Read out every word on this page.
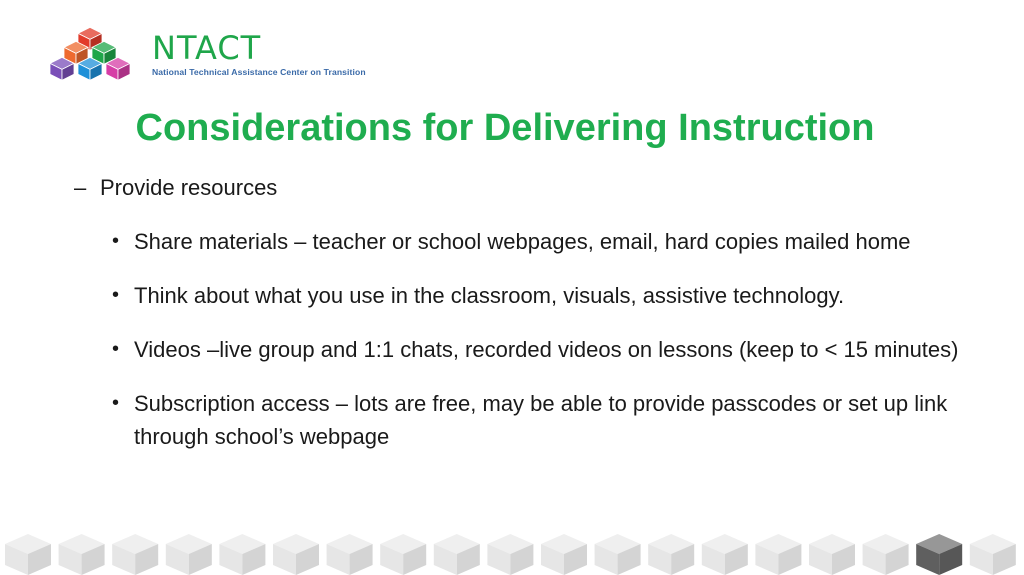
NTACT
National Technical Assistance Center on Transition
Considerations for Delivering Instruction

– Provide resources

• Share materials – teacher or school webpages, email, hard copies mailed home
• Think about what you use in the classroom, visuals, assistive technology.
• Videos –live group and 1:1 chats, recorded videos on lessons (keep to < 15 minutes)
• Subscription access – lots are free, may be able to provide passcodes or set up link through school’s webpage
